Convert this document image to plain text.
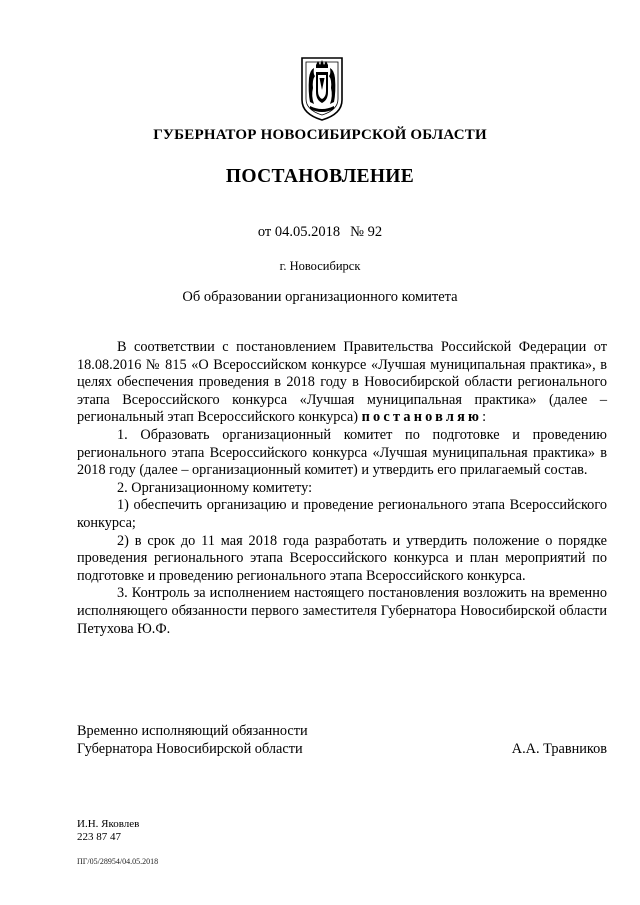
ГУБЕРНАТОР НОВОСИБИРСКОЙ ОБЛАСТИ
ПОСТАНОВЛЕНИЕ
от 04.05.2018 № 92
г. Новосибирск
Об образовании организационного комитета

В соответствии с постановлением Правительства Российской Федерации от 18.08.2016 № 815 «О Всероссийском конкурсе «Лучшая муниципальная практика», в целях обеспечения проведения в 2018 году в Новосибирской области регионального этапа Всероссийского конкурса «Лучшая муниципальная практика» (далее – региональный этап Всероссийского конкурса) постановляю:

1. Образовать организационный комитет по подготовке и проведению регионального этапа Всероссийского конкурса «Лучшая муниципальная практика» в 2018 году (далее – организационный комитет) и утвердить его прилагаемый состав.

2. Организационному комитету:

1) обеспечить организацию и проведение регионального этапа Всероссийского конкурса;

2) в срок до 11 мая 2018 года разработать и утвердить положение о порядке проведения регионального этапа Всероссийского конкурса и план мероприятий по подготовке и проведению регионального этапа Всероссийского конкурса.

3. Контроль за исполнением настоящего постановления возложить на временно исполняющего обязанности первого заместителя Губернатора Новосибирской области Петухова Ю.Ф.

Временно исполняющий обязанности
Губернатора Новосибирской области	А.А. Травников
И.Н. Яковлев
223 87 47
ПГ/05/28954/04.05.2018
